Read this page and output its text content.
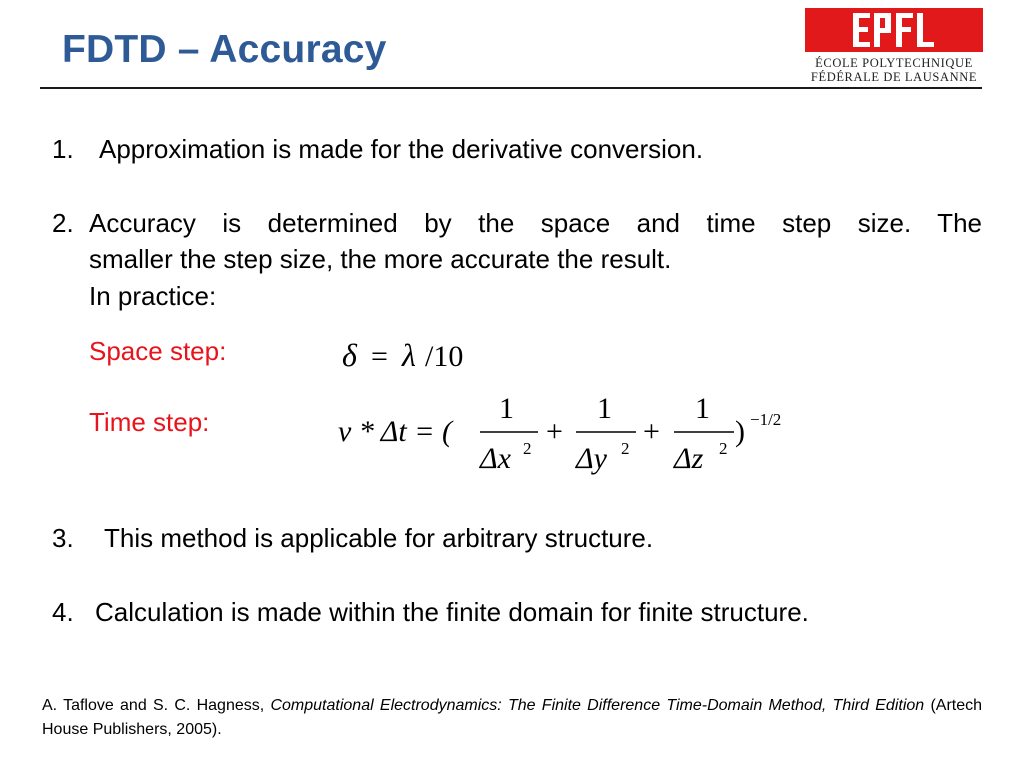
FDTD – Accuracy	ÉCOLE POLYTECHNIQUE
FÉDÉRALE DE LAUSANNE
1. Approximation is made for the derivative conversion.
2. Accuracy is determined by the space and time step size. The
smaller the step size, the more accurate the result.
In practice:
Space step:
Time step:
δ = λ /10
ν * Δt = (
1
Δx 2
+
1
Δy 2
+
1
Δz 2
) −1/2
3. This method is applicable for arbitrary structure.
4. Calculation is made within the finite domain for finite structure.
A. Taflove and S. C. Hagness, Computational Electrodynamics: The Finite Difference Time-Domain Method, Third Edition (Artech House Publishers, 2005).
